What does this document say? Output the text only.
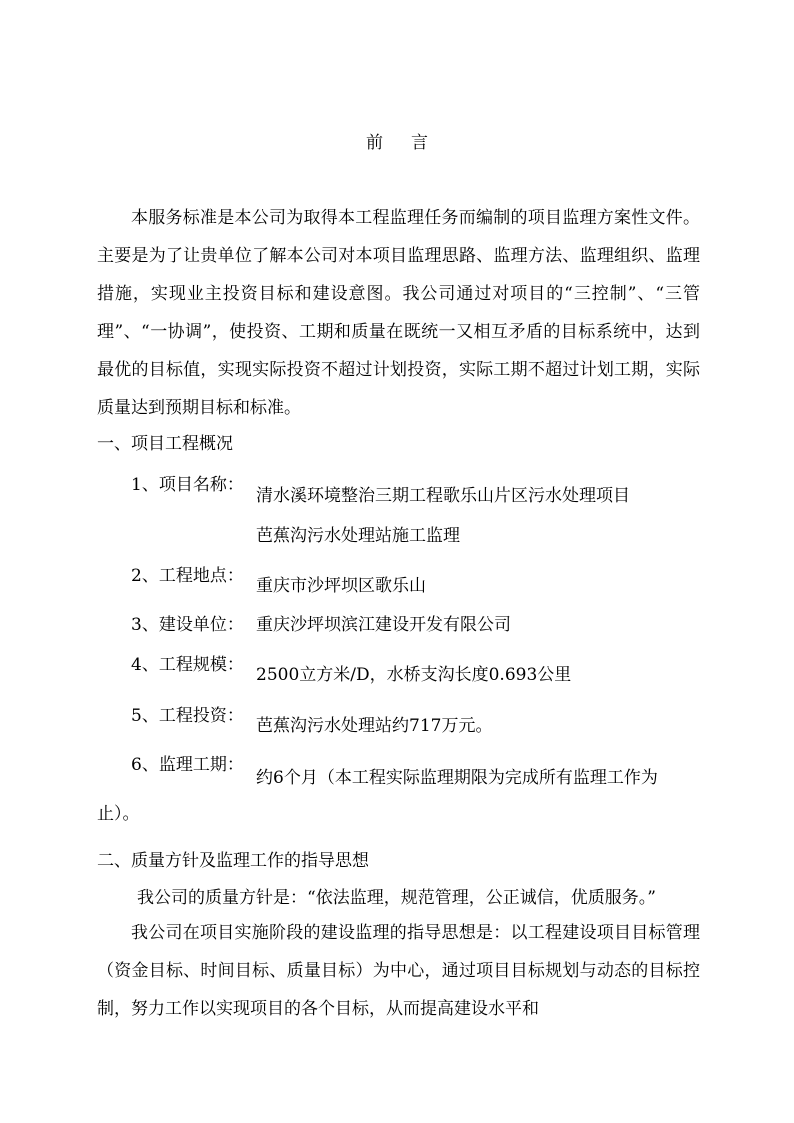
前 言

本服务标准是本公司为取得本工程监理任务而编制的项目监理方案性文件。主要是为了让贵单位了解本公司对本项目监理思路、监理方法、监理组织、监理措施，实现业主投资目标和建设意图。我公司通过对项目的“三控制”、“三管理”、“一协调”，使投资、工期和质量在既统一又相互矛盾的目标系统中，达到最优的目标值，实现实际投资不超过计划投资，实际工期不超过计划工期，实际质量达到预期目标和标准。

一、项目工程概况
1、项目名称：
清水溪环境整治三期工程歌乐山片区污水处理项目
芭蕉沟污水处理站施工监理
2、工程地点： 重庆市沙坪坝区歌乐山
3、建设单位： 重庆沙坪坝滨江建设开发有限公司
4、工程规模： 2500立方米/D，水桥支沟长度0.693公里
5、工程投资： 芭蕉沟污水处理站约717万元。
6、监理工期：
约6个月（本工程实际监理期限为完成所有监理工作为
止）。
二、质量方针及监理工作的指导思想
我公司的质量方针是：“依法监理，规范管理，公正诚信，优质服务。”

我公司在项目实施阶段的建设监理的指导思想是：以工程建设项目目标管理（资金目标、时间目标、质量目标）为中心，通过项目目标规划与动态的目标控制，努力工作以实现项目的各个目标，从而提高建设水平和
